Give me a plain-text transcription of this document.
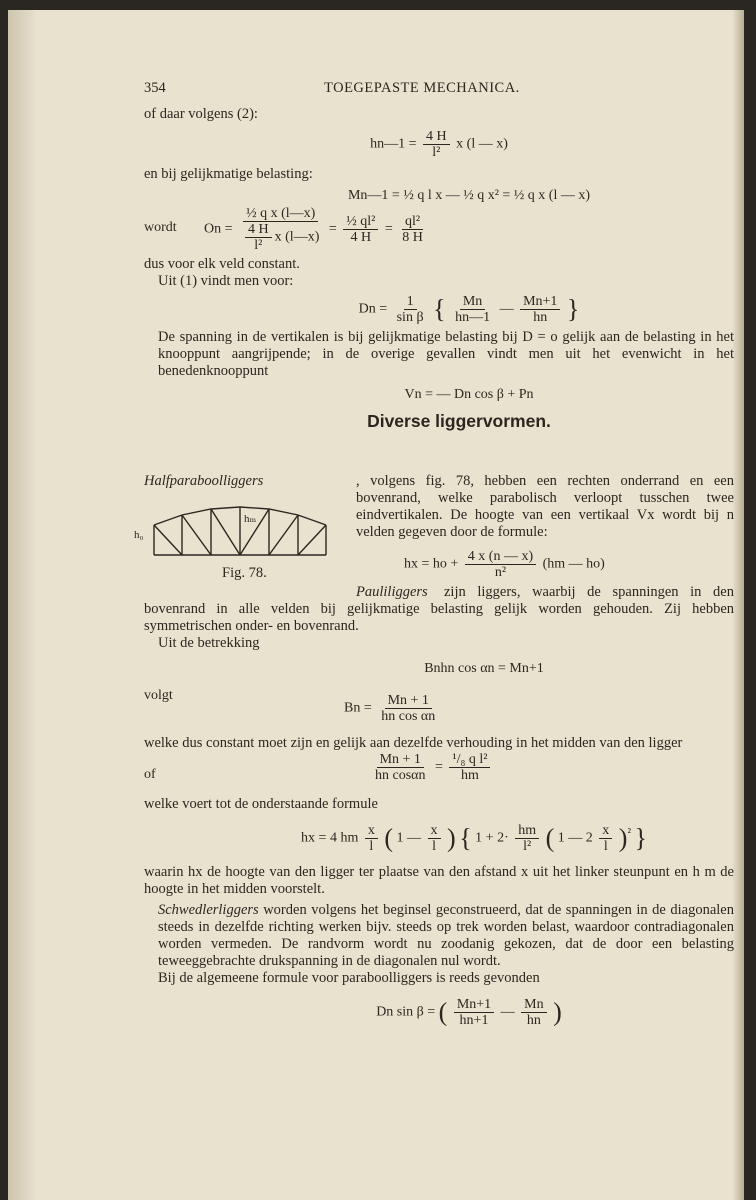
354	TOEGEPASTE MECHANICA.

of daar volgens (2):

hn—1 = $\frac{4 H}{\text{l²}}$ x (l — x)

en bij gelijkmatige belasting:

Mn—1 = ½ q l x — ½ q x² = ½ q x (l — x)
wordt $On = \frac{\text{½ q x (l—x)}}{\frac{4 H}{\text{l²}} x (l—x)} = \frac{\text{½ ql²}}{4 H} = \frac{\text{ql²}}{8 H}$

dus voor elk veld constant.

Uit (1) vindt men voor:

$Dn = \frac{1}{\text{sin β}}$ { $\frac{Mn}{hn—1}$ — $\frac{Mn+1}{hn}$ }

De spanning in de vertikalen is bij gelijkmatige belasting bij D = o gelijk aan de belasting in het knooppunt aangrijpende; in de overige gevallen vindt men uit het evenwicht in het benedenknooppunt

Vn = — Dn cos β + Pn
Diverse liggervormen.
, volgens fig. 78, hebben een rechten onderrand en een bovenrand, welke parabolisch verloopt tusschen twee eindvertikalen. De hoogte van een vertikaal Vx wordt bij n velden gegeven door de formule:
Halfparaboolliggers
h₀
hₘ
Fig. 78.
hx = ho + $\frac{4 x (n — x)}{\text{n²}} (hm$ — ho)

Pauliliggers	zijn liggers, waarbij de spanningen in den bovenrand in alle velden bij gelijkmatige belasting gelijk worden gehouden. Zij hebben symmetrischen onder- en bovenrand.

Uit de betrekking

Bnhn cos αn = Mn+1
volgt
$Bn = \frac{Mn + 1}{\text{hn cos αn}}$

welke dus constant moet zijn en gelijk aan dezelfde verhouding in het midden van den ligger

of	$\frac{Mn + 1}{\text{hn cosαn}} = \frac{\text{¹/₈ q l²}}{hm}$

welke voert tot de onderstaande formule

hx = 4 hm $\frac{x}{l}$ ( 1 — $\frac{x}{l}$ ) { $1 + 2\cdot \frac{hm}{\text{l²}}$ ( 1 — $2 \frac{x}{l} )^{^2}$ }

waarin hx de hoogte van den ligger ter plaatse van den afstand x uit het linker steunpunt en h m de hoogte in het midden voorstelt.

Schwedlerliggers worden volgens het beginsel geconstrueerd, dat de spanningen in de diagonalen steeds in dezelfde richting werken bijv. steeds op trek worden belast, waardoor contradiagonalen worden vermeden. De randvorm wordt nu zoodanig gekozen, dat de door een belasting teweeggebrachte drukspanning in de diagonalen nul wordt.

Bij de algemeene formule voor paraboolliggers is reeds gevonden

Dn sin β = ( $\frac{Mn+1}{hn+1}$ — $\frac{Mn}{hn}$ )
